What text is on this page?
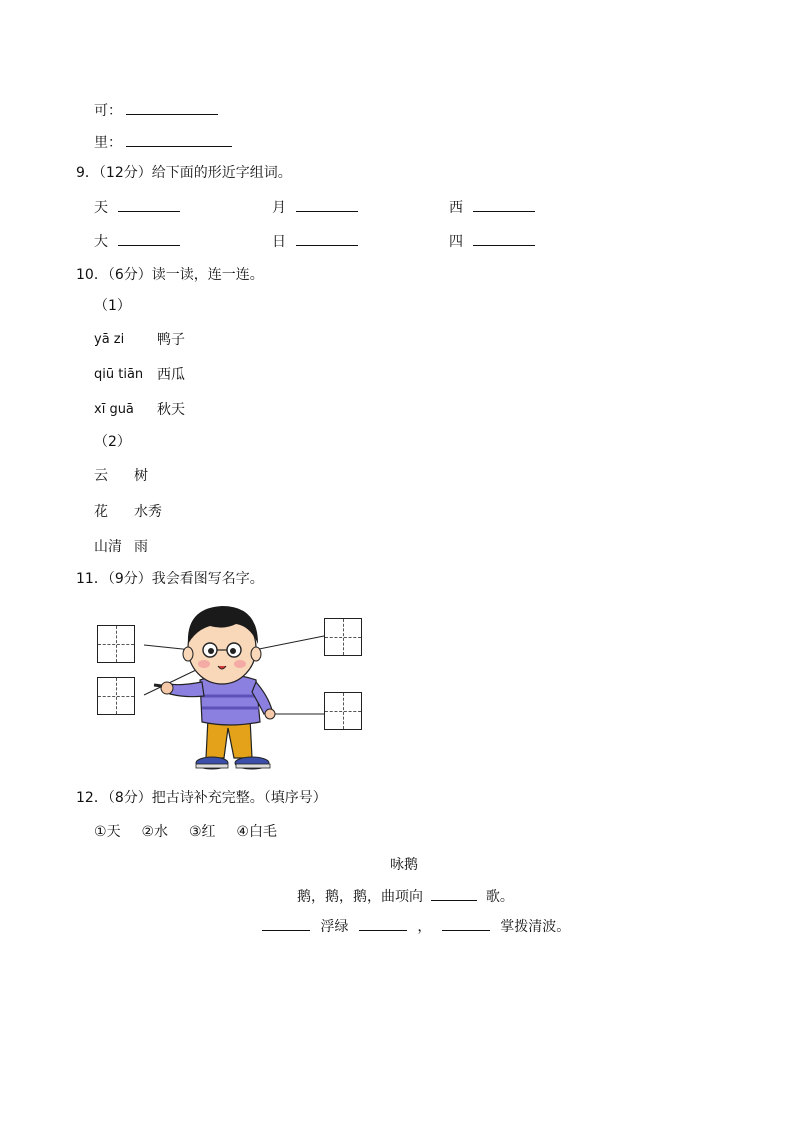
可：
里：
9．（12分）给下面的形近字组词。
天	月	西
大	日	四
10．（6分）读一读，连一连。
（1）
yā zi 鸭子
qiū tiān 西瓜
xī guā 秋天
（2）
云 树
花 水秀
山清 雨
11．（9分）我会看图写名字。
12．（8分）把古诗补充完整。（填序号）
①天 ②水 ③红 ④白毛
咏鹅
鹅，鹅，鹅，曲项向	歌。
浮绿	，	掌拨清波。
